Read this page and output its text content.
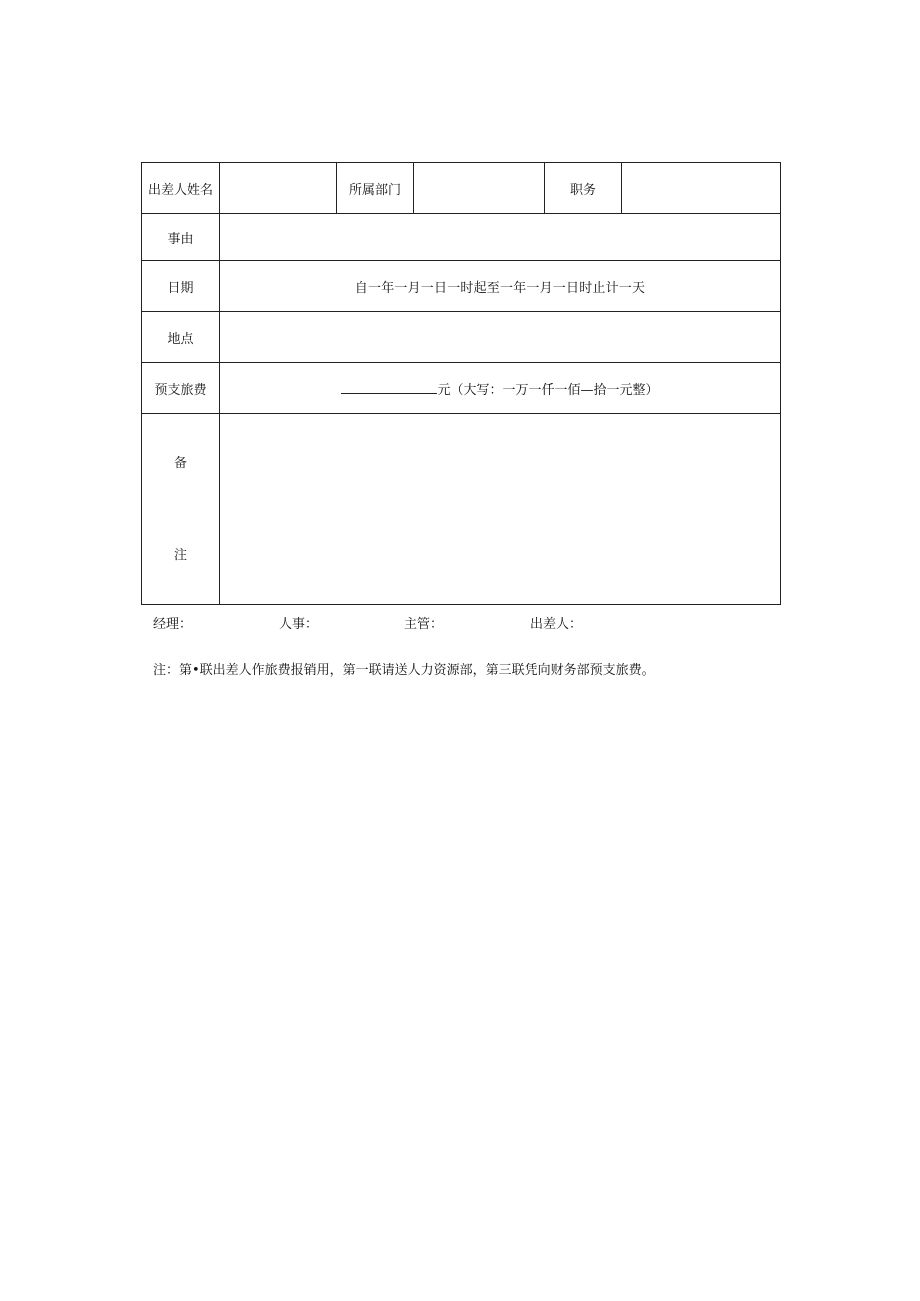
出差人姓名		所属部门		职务	
事由					
日期	自一年一月一日一时起至一年一月一日时止计一天				
地点					
预支旅费	元（大写：一万一仟一佰—拾一元整）				

备
注					

经理：	人事：	主管：	出差人：
注：第•联出差人作旅费报销用，第一联请送人力资源部，第三联凭向财务部预支旅费。
